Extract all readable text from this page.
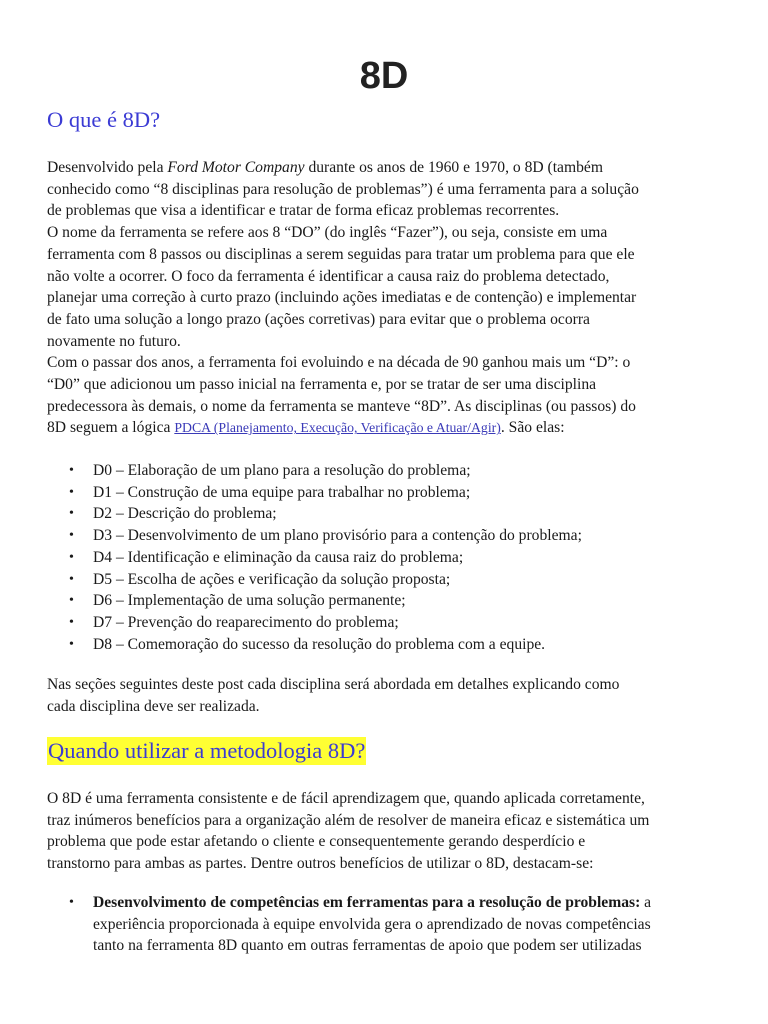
8D
O que é 8D?

Desenvolvido pela Ford Motor Company durante os anos de 1960 e 1970, o 8D (também
conhecido como “8 disciplinas para resolução de problemas”) é uma ferramenta para a solução
de problemas que visa a identificar e tratar de forma eficaz problemas recorrentes.
O nome da ferramenta se refere aos 8 “DO” (do inglês “Fazer”), ou seja, consiste em uma
ferramenta com 8 passos ou disciplinas a serem seguidas para tratar um problema para que ele
não volte a ocorrer. O foco da ferramenta é identificar a causa raiz do problema detectado,
planejar uma correção à curto prazo (incluindo ações imediatas e de contenção) e implementar
de fato uma solução a longo prazo (ações corretivas) para evitar que o problema ocorra
novamente no futuro.
Com o passar dos anos, a ferramenta foi evoluindo e na década de 90 ganhou mais um “D”: o
“D0” que adicionou um passo inicial na ferramenta e, por se tratar de ser uma disciplina
predecessora às demais, o nome da ferramenta se manteve “8D”. As disciplinas (ou passos) do
8D seguem a lógica PDCA (Planejamento, Execução, Verificação e Atuar/Agir). São elas:

• D0 – Elaboração de um plano para a resolução do problema;
• D1 – Construção de uma equipe para trabalhar no problema;
• D2 – Descrição do problema;
• D3 – Desenvolvimento de um plano provisório para a contenção do problema;
• D4 – Identificação e eliminação da causa raiz do problema;
• D5 – Escolha de ações e verificação da solução proposta;
• D6 – Implementação de uma solução permanente;
• D7 – Prevenção do reaparecimento do problema;
• D8 – Comemoração do sucesso da resolução do problema com a equipe.

Nas seções seguintes deste post cada disciplina será abordada em detalhes explicando como
cada disciplina deve ser realizada.

Quando utilizar a metodologia 8D?

O 8D é uma ferramenta consistente e de fácil aprendizagem que, quando aplicada corretamente,
traz inúmeros benefícios para a organização além de resolver de maneira eficaz e sistemática um
problema que pode estar afetando o cliente e consequentemente gerando desperdício e
transtorno para ambas as partes. Dentre outros benefícios de utilizar o 8D, destacam-se:

• Desenvolvimento de competências em ferramentas para a resolução de problemas: a
experiência proporcionada à equipe envolvida gera o aprendizado de novas competências
tanto na ferramenta 8D quanto em outras ferramentas de apoio que podem ser utilizadas
